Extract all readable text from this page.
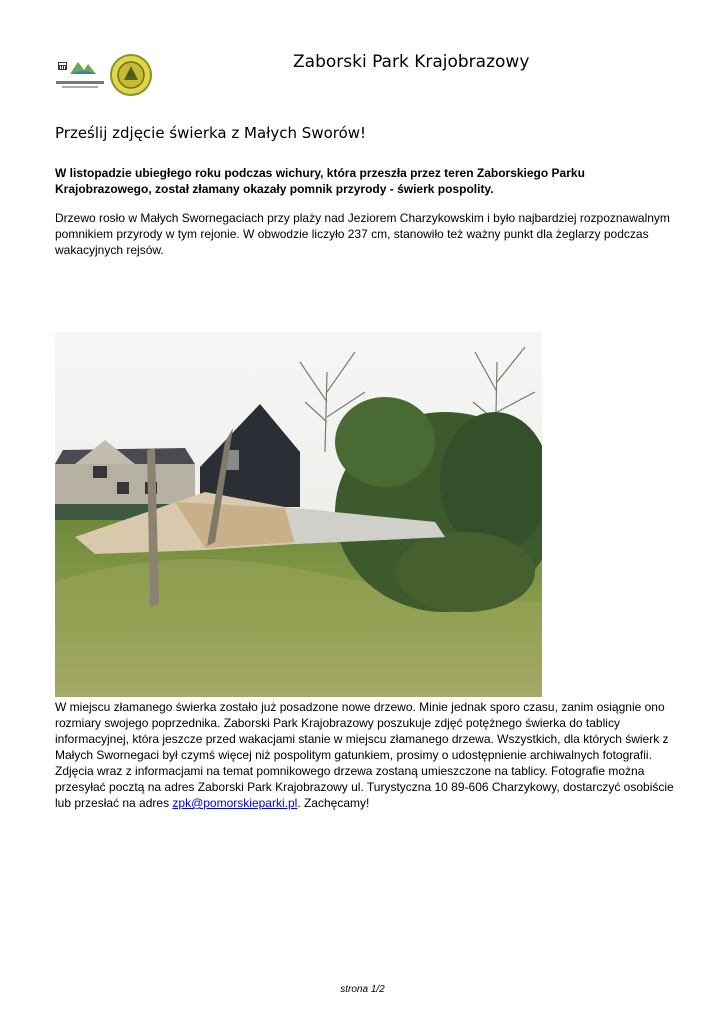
Zaborski Park Krajobrazowy
Prześlij zdjęcie świerka z Małych Sworów!
W listopadzie ubiegłego roku podczas wichury, która przeszła przez teren Zaborskiego Parku Krajobrazowego, został złamany okazały pomnik przyrody - świerk pospolity.
Drzewo rosło w Małych Swornegaciach przy plaży nad Jeziorem Charzykowskim i było najbardziej rozpoznawalnym pomnikiem przyrody w tym rejonie. W obwodzie liczyło 237 cm, stanowiło też ważny punkt dla żeglarzy podczas wakacyjnych rejsów.
W miejscu złamanego świerka zostało już posadzone nowe drzewo. Minie jednak sporo czasu, zanim osiągnie ono rozmiary swojego poprzednika. Zaborski Park Krajobrazowy poszukuje zdjęć potężnego świerka do tablicy informacyjnej, która jeszcze przed wakacjami stanie w miejscu złamanego drzewa. Wszystkich, dla których świerk z Małych Swornegaci był czymś więcej niż pospolitym gatunkiem, prosimy o udostępnienie archiwalnych fotografii. Zdjęcia wraz z informacjami na temat pomnikowego drzewa zostaną umieszczone na tablicy. Fotografie można przesyłać pocztą na adres Zaborski Park Krajobrazowy ul. Turystyczna 10 89-606 Charzykowy, dostarczyć osobiście lub przesłać na adres zpk@pomorskieparki.pl. Zachęcamy!
strona 1/2
